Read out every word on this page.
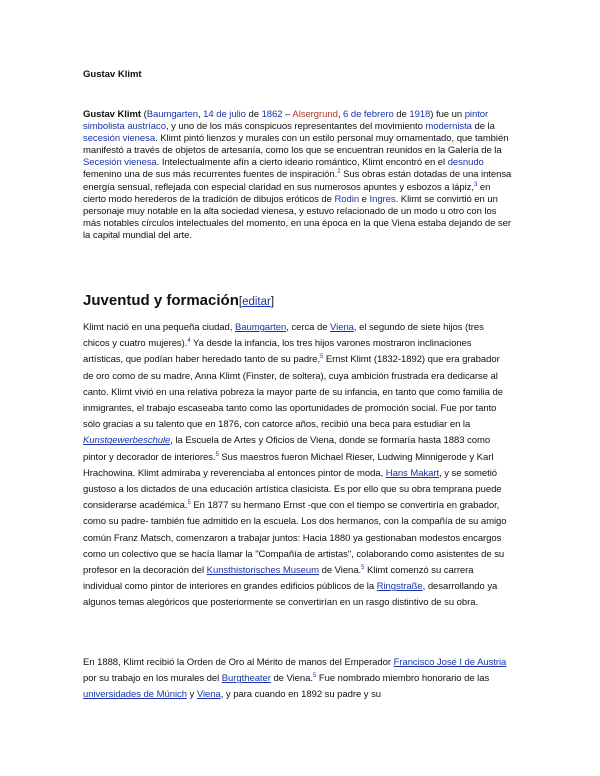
Gustav Klimt

Gustav Klimt (Baumgarten, 14 de julio de 1862 – Alsergrund, 6 de febrero de 1918) fue un pintor simbolista austríaco, y uno de los más conspicuos representantes del movimiento modernista de la secesión vienesa. Klimt pintó lienzos y murales con un estilo personal muy ornamentado, que también manifestó a través de objetos de artesanía, como los que se encuentran reunidos en la Galería de la Secesión vienesa. Intelectualmente afín a cierto ideario romántico, Klimt encontró en el desnudo femenino una de sus más recurrentes fuentes de inspiración.$^2$ Sus obras están dotadas de una intensa energía sensual, reflejada con especial claridad en sus numerosos apuntes y esbozos a lápiz,$^3$ en cierto modo herederos de la tradición de dibujos eróticos de Rodin e Ingres. Klimt se convirtió en un personaje muy notable en la alta sociedad vienesa, y estuvo relacionado de un modo u otro con los más notables círculos intelectuales del momento, en una época en la que Viena estaba dejando de ser la capital mundial del arte.

Juventud y formación[editar]

Klimt nació en una pequeña ciudad, Baumgarten, cerca de Viena, el segundo de siete hijos (tres chicos y cuatro mujeres).$^4$ Ya desde la infancia, los tres hijos varones mostraron inclinaciones artísticas, que podían haber heredado tanto de su padre,$^5$ Ernst Klimt (1832-1892) que era grabador de oro como de su madre, Anna Klimt (Finster, de soltera), cuya ambición frustrada era dedicarse al canto. Klimt vivió en una relativa pobreza la mayor parte de su infancia, en tanto que como familia de inmigrantes, el trabajo escaseaba tanto como las oportunidades de promoción social. Fue por tanto sólo gracias a su talento que en 1876, con catorce años, recibió una beca para estudiar en la Kunstgewerbeschule, la Escuela de Artes y Oficios de Viena, donde se formaría hasta 1883 como pintor y decorador de interiores.$^5$ Sus maestros fueron Michael Rieser, Ludwing Minnigerode y Karl Hrachowina. Klimt admiraba y reverenciaba al entonces pintor de moda, Hans Makart, y se sometió gustoso a los dictados de una educación artística clasicista. Es por ello que su obra temprana puede considerarse académica.$^5$ En 1877 su hermano Ernst -que con el tiempo se convertiría en grabador, como su padre- también fue admitido en la escuela. Los dos hermanos, con la compañía de su amigo común Franz Matsch, comenzaron a trabajar juntos: Hacia 1880 ya gestionaban modestos encargos como un colectivo que se hacía llamar la "Compañía de artistas", colaborando como asistentes de su profesor en la decoración del Kunsthistorisches Museum de Viena.$^5$ Klimt comenzó su carrera individual como pintor de interiores en grandes edificios públicos de la Ringstraße, desarrollando ya algunos temas alegóricos que posteriormente se convertirían en un rasgo distintivo de su obra.

En 1888, Klimt recibió la Orden de Oro al Mérito de manos del Emperador Francisco José I de Austria por su trabajo en los murales del Burgtheater de Viena.$^5$ Fue nombrado miembro honorario de las universidades de Múnich y Viena, y para cuando en 1892 su padre y su
